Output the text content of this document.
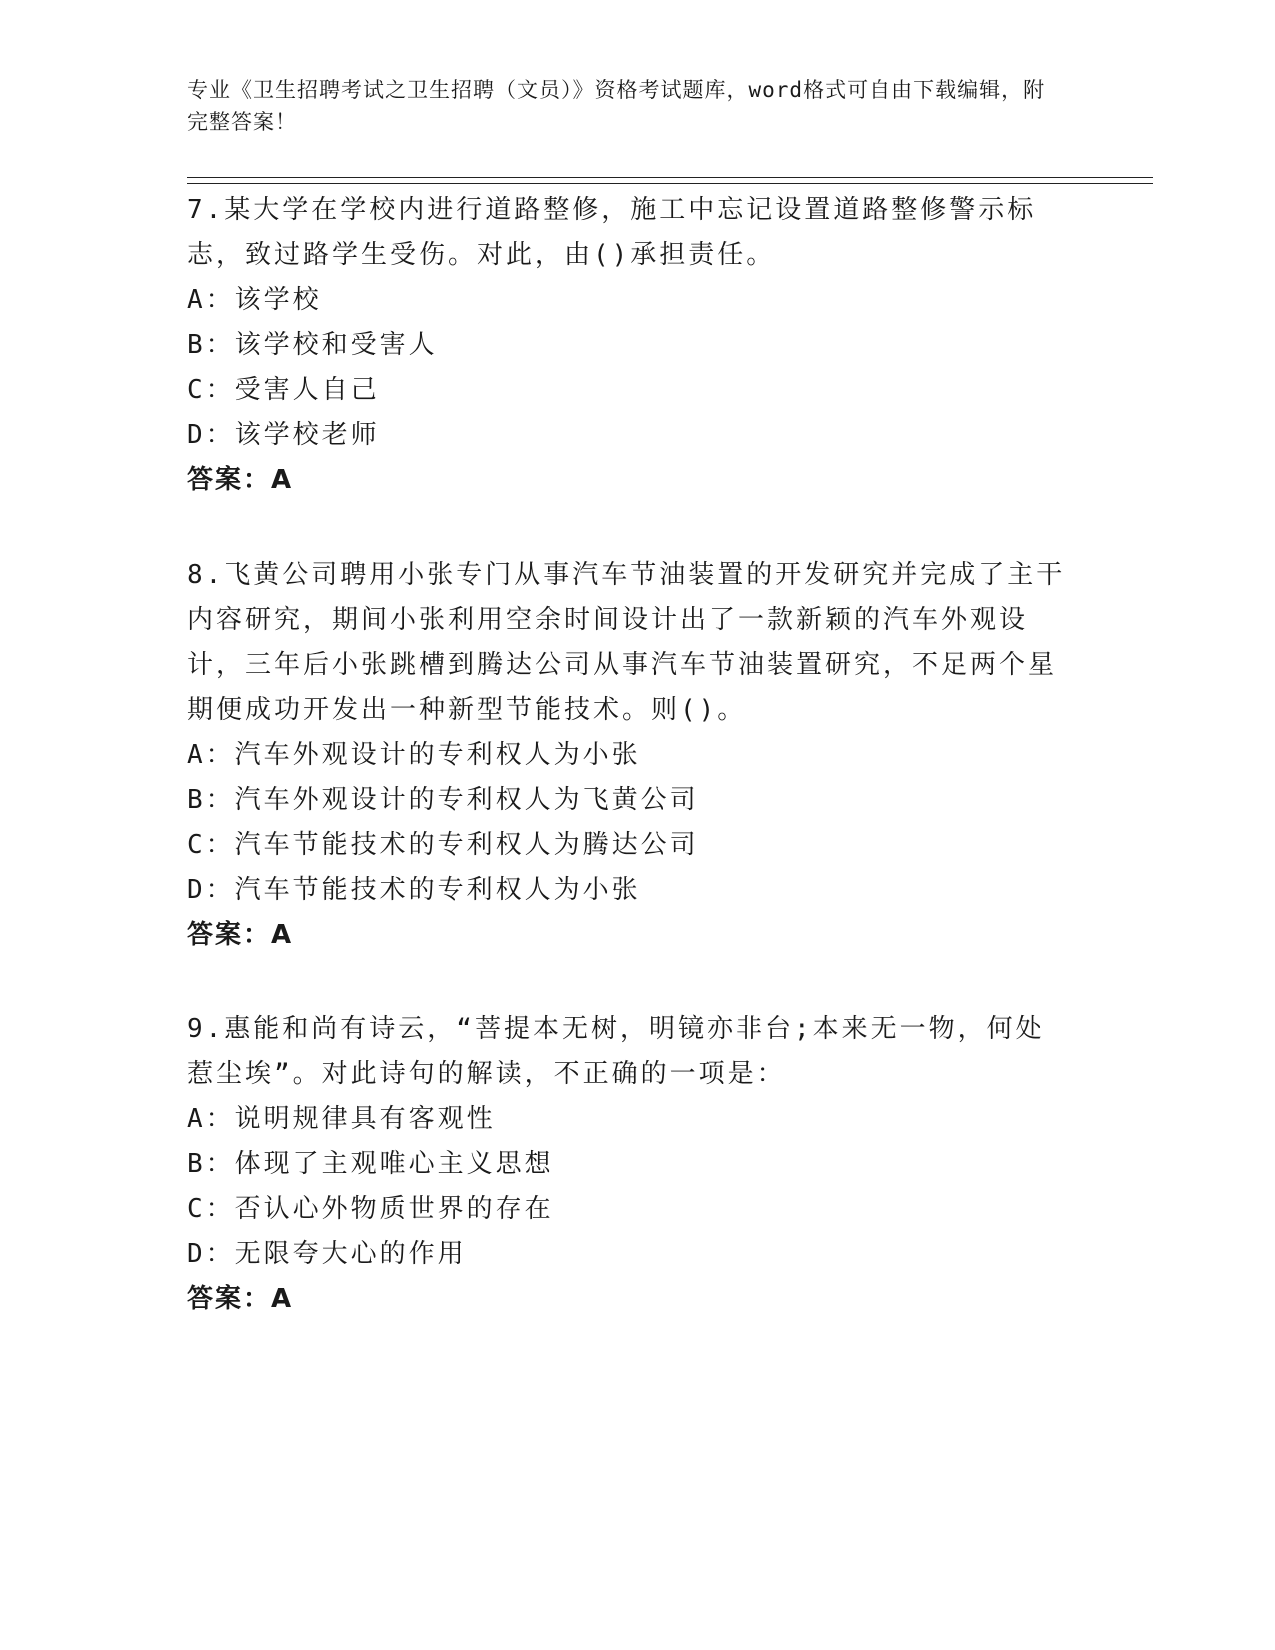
专业《卫生招聘考试之卫生招聘（文员）》资格考试题库，word格式可自由下载编辑，附完整答案！
7.某大学在学校内进行道路整修，施工中忘记设置道路整修警示标志，致过路学生受伤。对此，由()承担责任。
A：该学校
B：该学校和受害人
C：受害人自己
D：该学校老师
答案：A
8.飞黄公司聘用小张专门从事汽车节油装置的开发研究并完成了主干内容研究，期间小张利用空余时间设计出了一款新颖的汽车外观设计，三年后小张跳槽到腾达公司从事汽车节油装置研究，不足两个星期便成功开发出一种新型节能技术。则()。
A：汽车外观设计的专利权人为小张
B：汽车外观设计的专利权人为飞黄公司
C：汽车节能技术的专利权人为腾达公司
D：汽车节能技术的专利权人为小张
答案：A
9.惠能和尚有诗云，“菩提本无树，明镜亦非台;本来无一物，何处惹尘埃”。对此诗句的解读，不正确的一项是：
A：说明规律具有客观性
B：体现了主观唯心主义思想
C：否认心外物质世界的存在
D：无限夸大心的作用
答案：A
